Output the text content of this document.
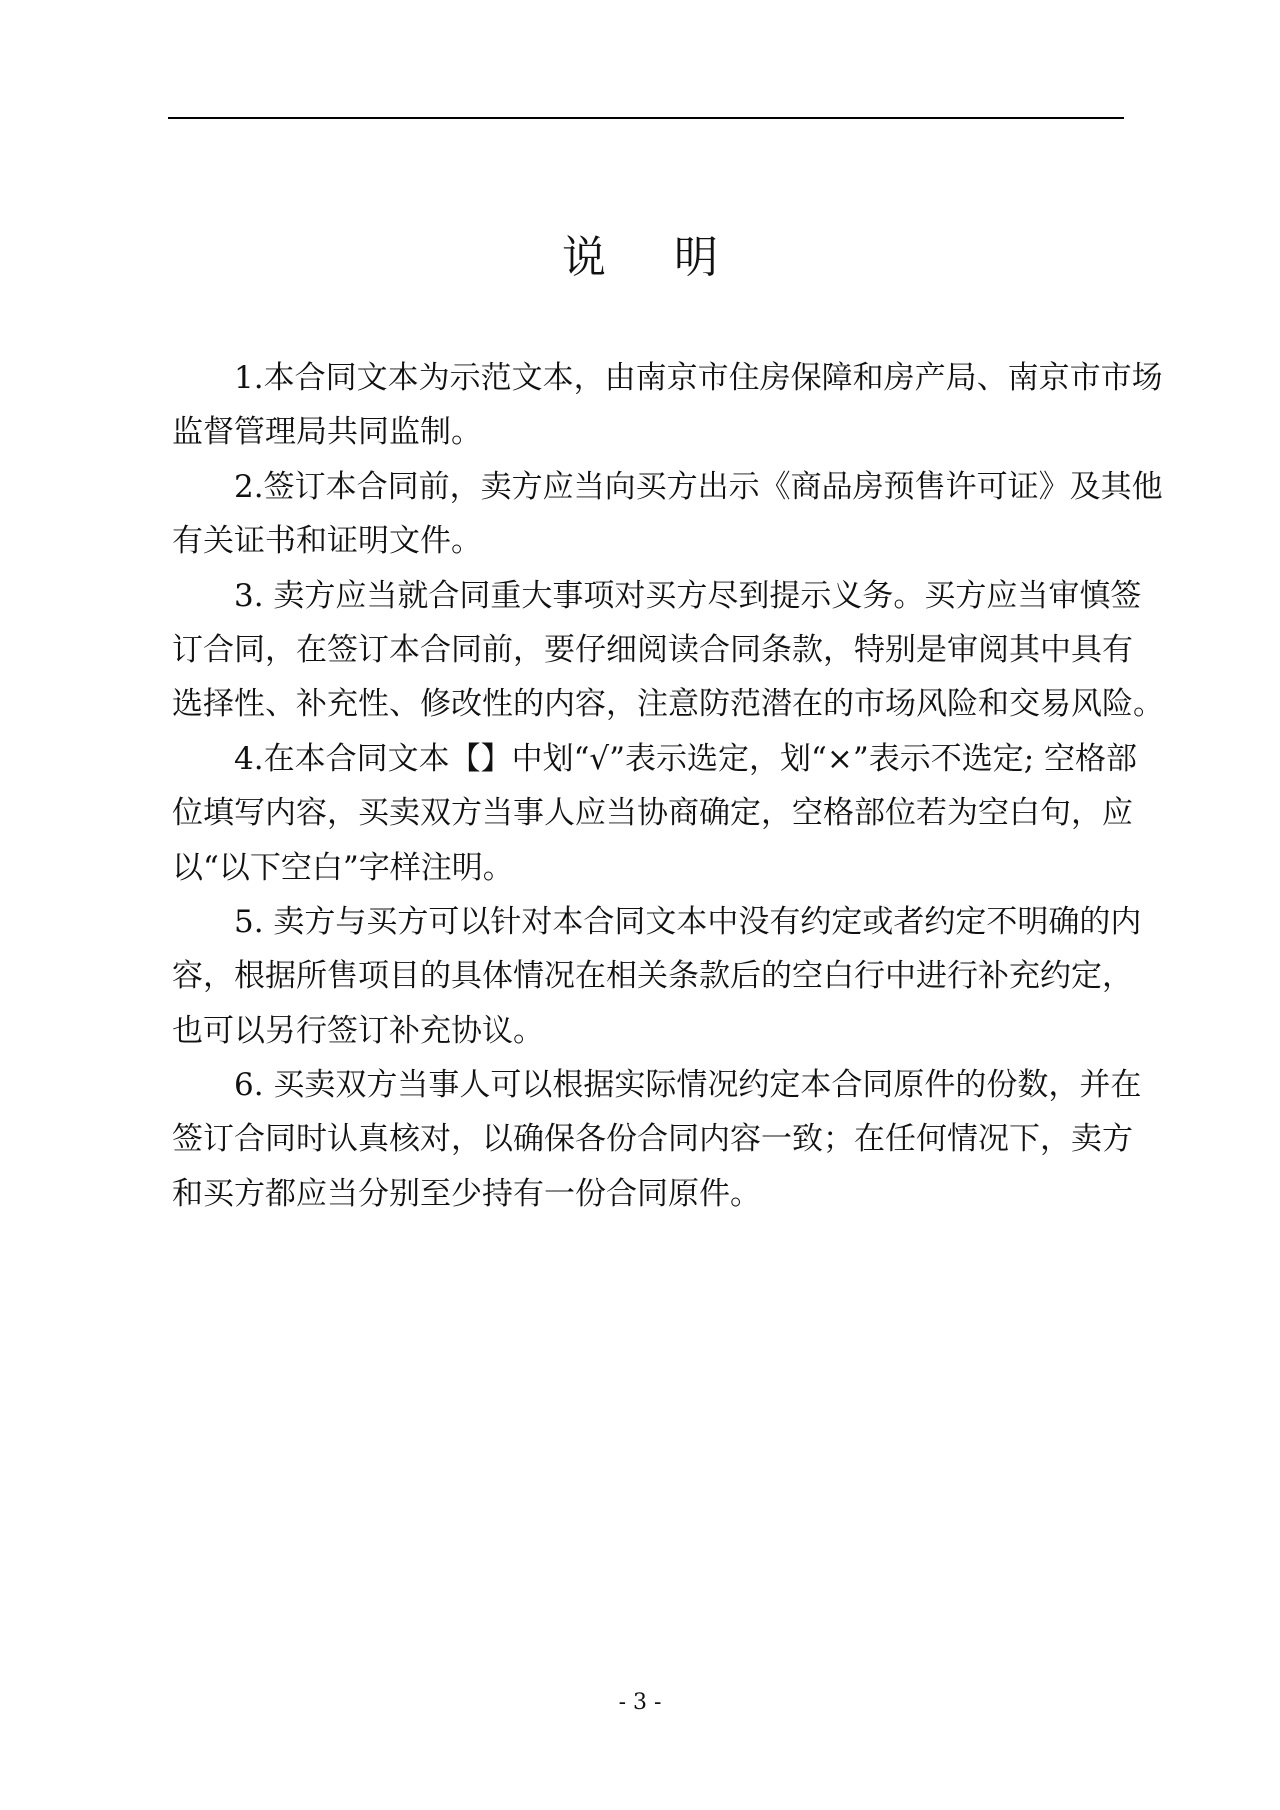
说明
1.本合同文本为示范文本，由南京市住房保障和房产局、南京市市场
监督管理局共同监制。
2.签订本合同前，卖方应当向买方出示《商品房预售许可证》及其他
有关证书和证明文件。
3. 卖方应当就合同重大事项对买方尽到提示义务。买方应当审慎签
订合同，在签订本合同前，要仔细阅读合同条款，特别是审阅其中具有
选择性、补充性、修改性的内容，注意防范潜在的市场风险和交易风险。
4.在本合同文本【】中划“√”表示选定，划“×”表示不选定; 空格部
位填写内容，买卖双方当事人应当协商确定，空格部位若为空白句，应
以“以下空白”字样注明。
5. 卖方与买方可以针对本合同文本中没有约定或者约定不明确的内
容，根据所售项目的具体情况在相关条款后的空白行中进行补充约定，
也可以另行签订补充协议。
6. 买卖双方当事人可以根据实际情况约定本合同原件的份数，并在
签订合同时认真核对，以确保各份合同内容一致；在任何情况下，卖方
和买方都应当分别至少持有一份合同原件。
- 3 -
